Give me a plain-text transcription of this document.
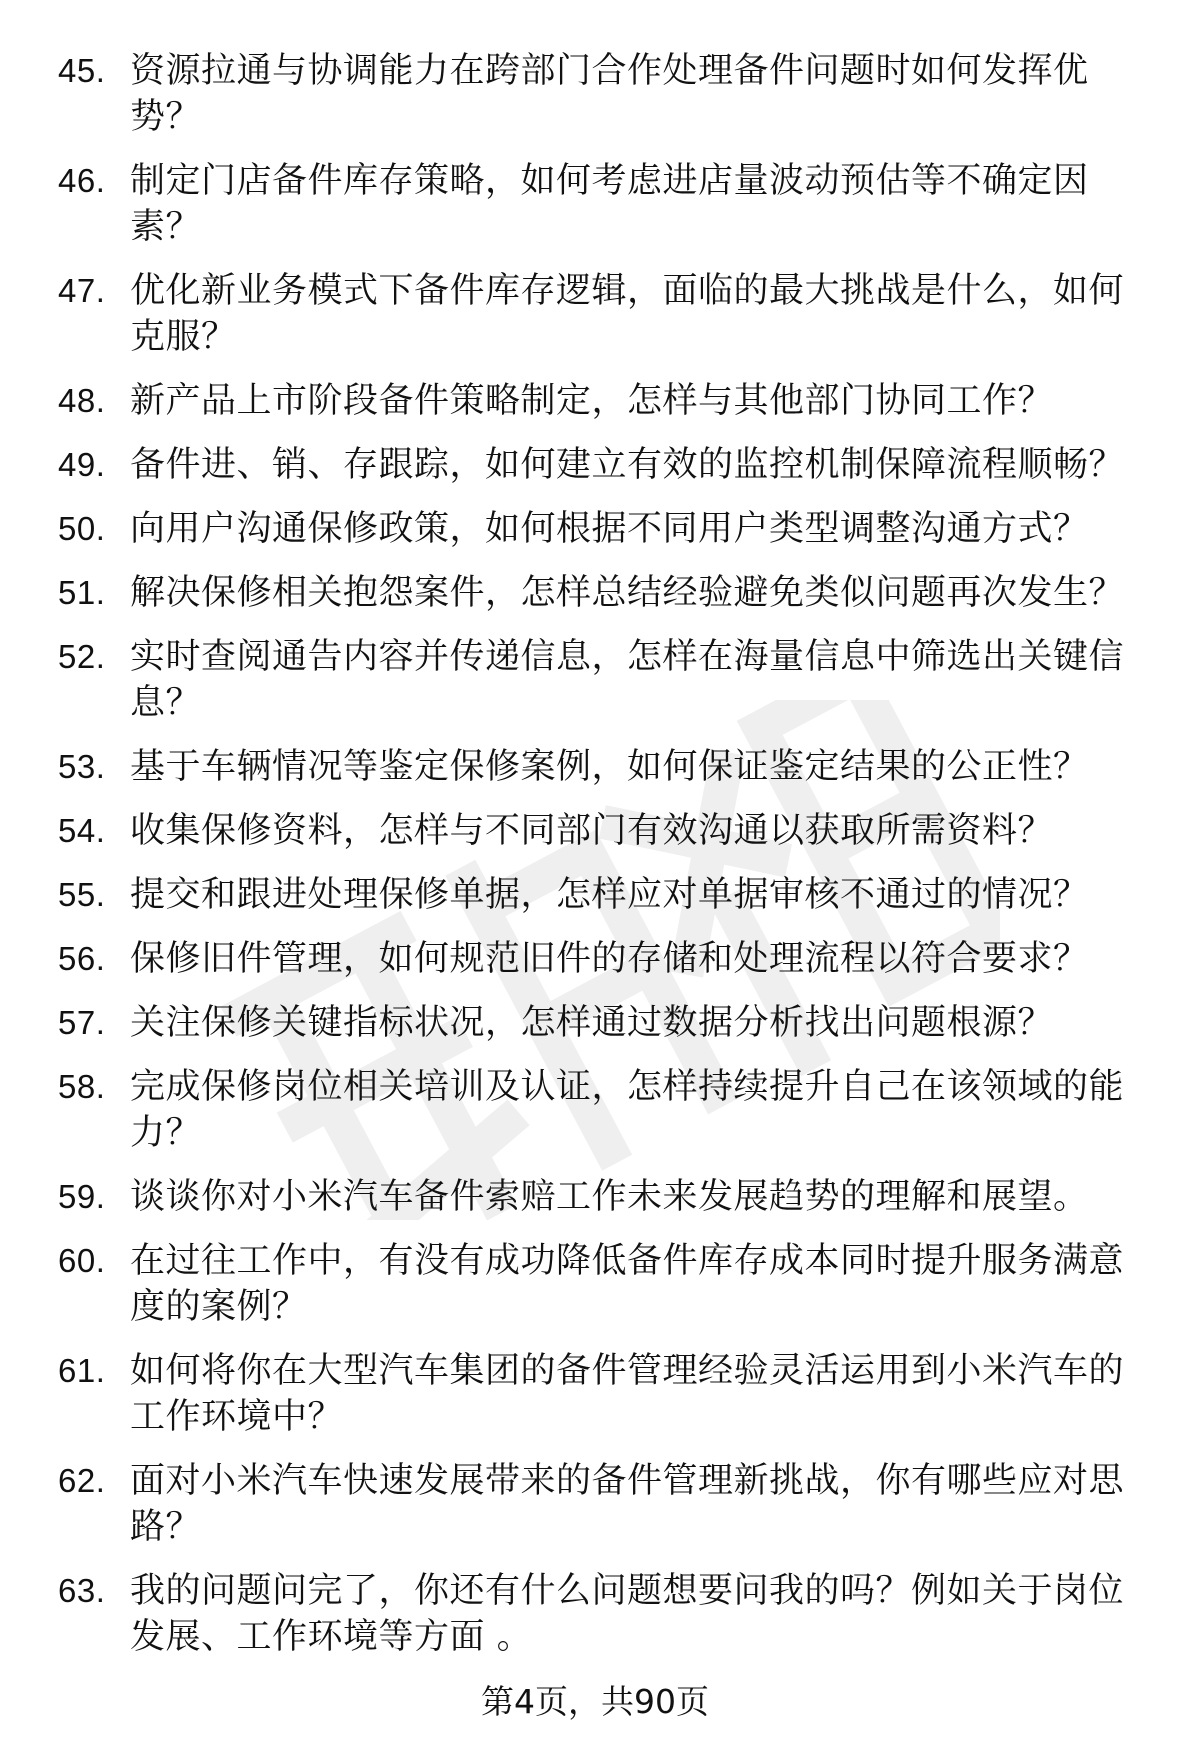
45. 资源拉通与协调能力在跨部门合作处理备件问题时如何发挥优势？
46. 制定门店备件库存策略，如何考虑进店量波动预估等不确定因素？
47. 优化新业务模式下备件库存逻辑，面临的最大挑战是什么，如何克服？
48. 新产品上市阶段备件策略制定，怎样与其他部门协同工作？
49. 备件进、销、存跟踪，如何建立有效的监控机制保障流程顺畅？
50. 向用户沟通保修政策，如何根据不同用户类型调整沟通方式？
51. 解决保修相关抱怨案件，怎样总结经验避免类似问题再次发生？
52. 实时查阅通告内容并传递信息，怎样在海量信息中筛选出关键信息？
53. 基于车辆情况等鉴定保修案例，如何保证鉴定结果的公正性？
54. 收集保修资料，怎样与不同部门有效沟通以获取所需资料？
55. 提交和跟进处理保修单据，怎样应对单据审核不通过的情况？
56. 保修旧件管理，如何规范旧件的存储和处理流程以符合要求？
57. 关注保修关键指标状况，怎样通过数据分析找出问题根源？
58. 完成保修岗位相关培训及认证，怎样持续提升自己在该领域的能力？
59. 谈谈你对小米汽车备件索赔工作未来发展趋势的理解和展望。
60. 在过往工作中，有没有成功降低备件库存成本同时提升服务满意度的案例？
61. 如何将你在大型汽车集团的备件管理经验灵活运用到小米汽车的工作环境中？
62. 面对小米汽车快速发展带来的备件管理新挑战，你有哪些应对思路？
63. 我的问题问完了，你还有什么问题想要问我的吗？例如关于岗位发展、工作环境等方面 。
第4页，共90页
